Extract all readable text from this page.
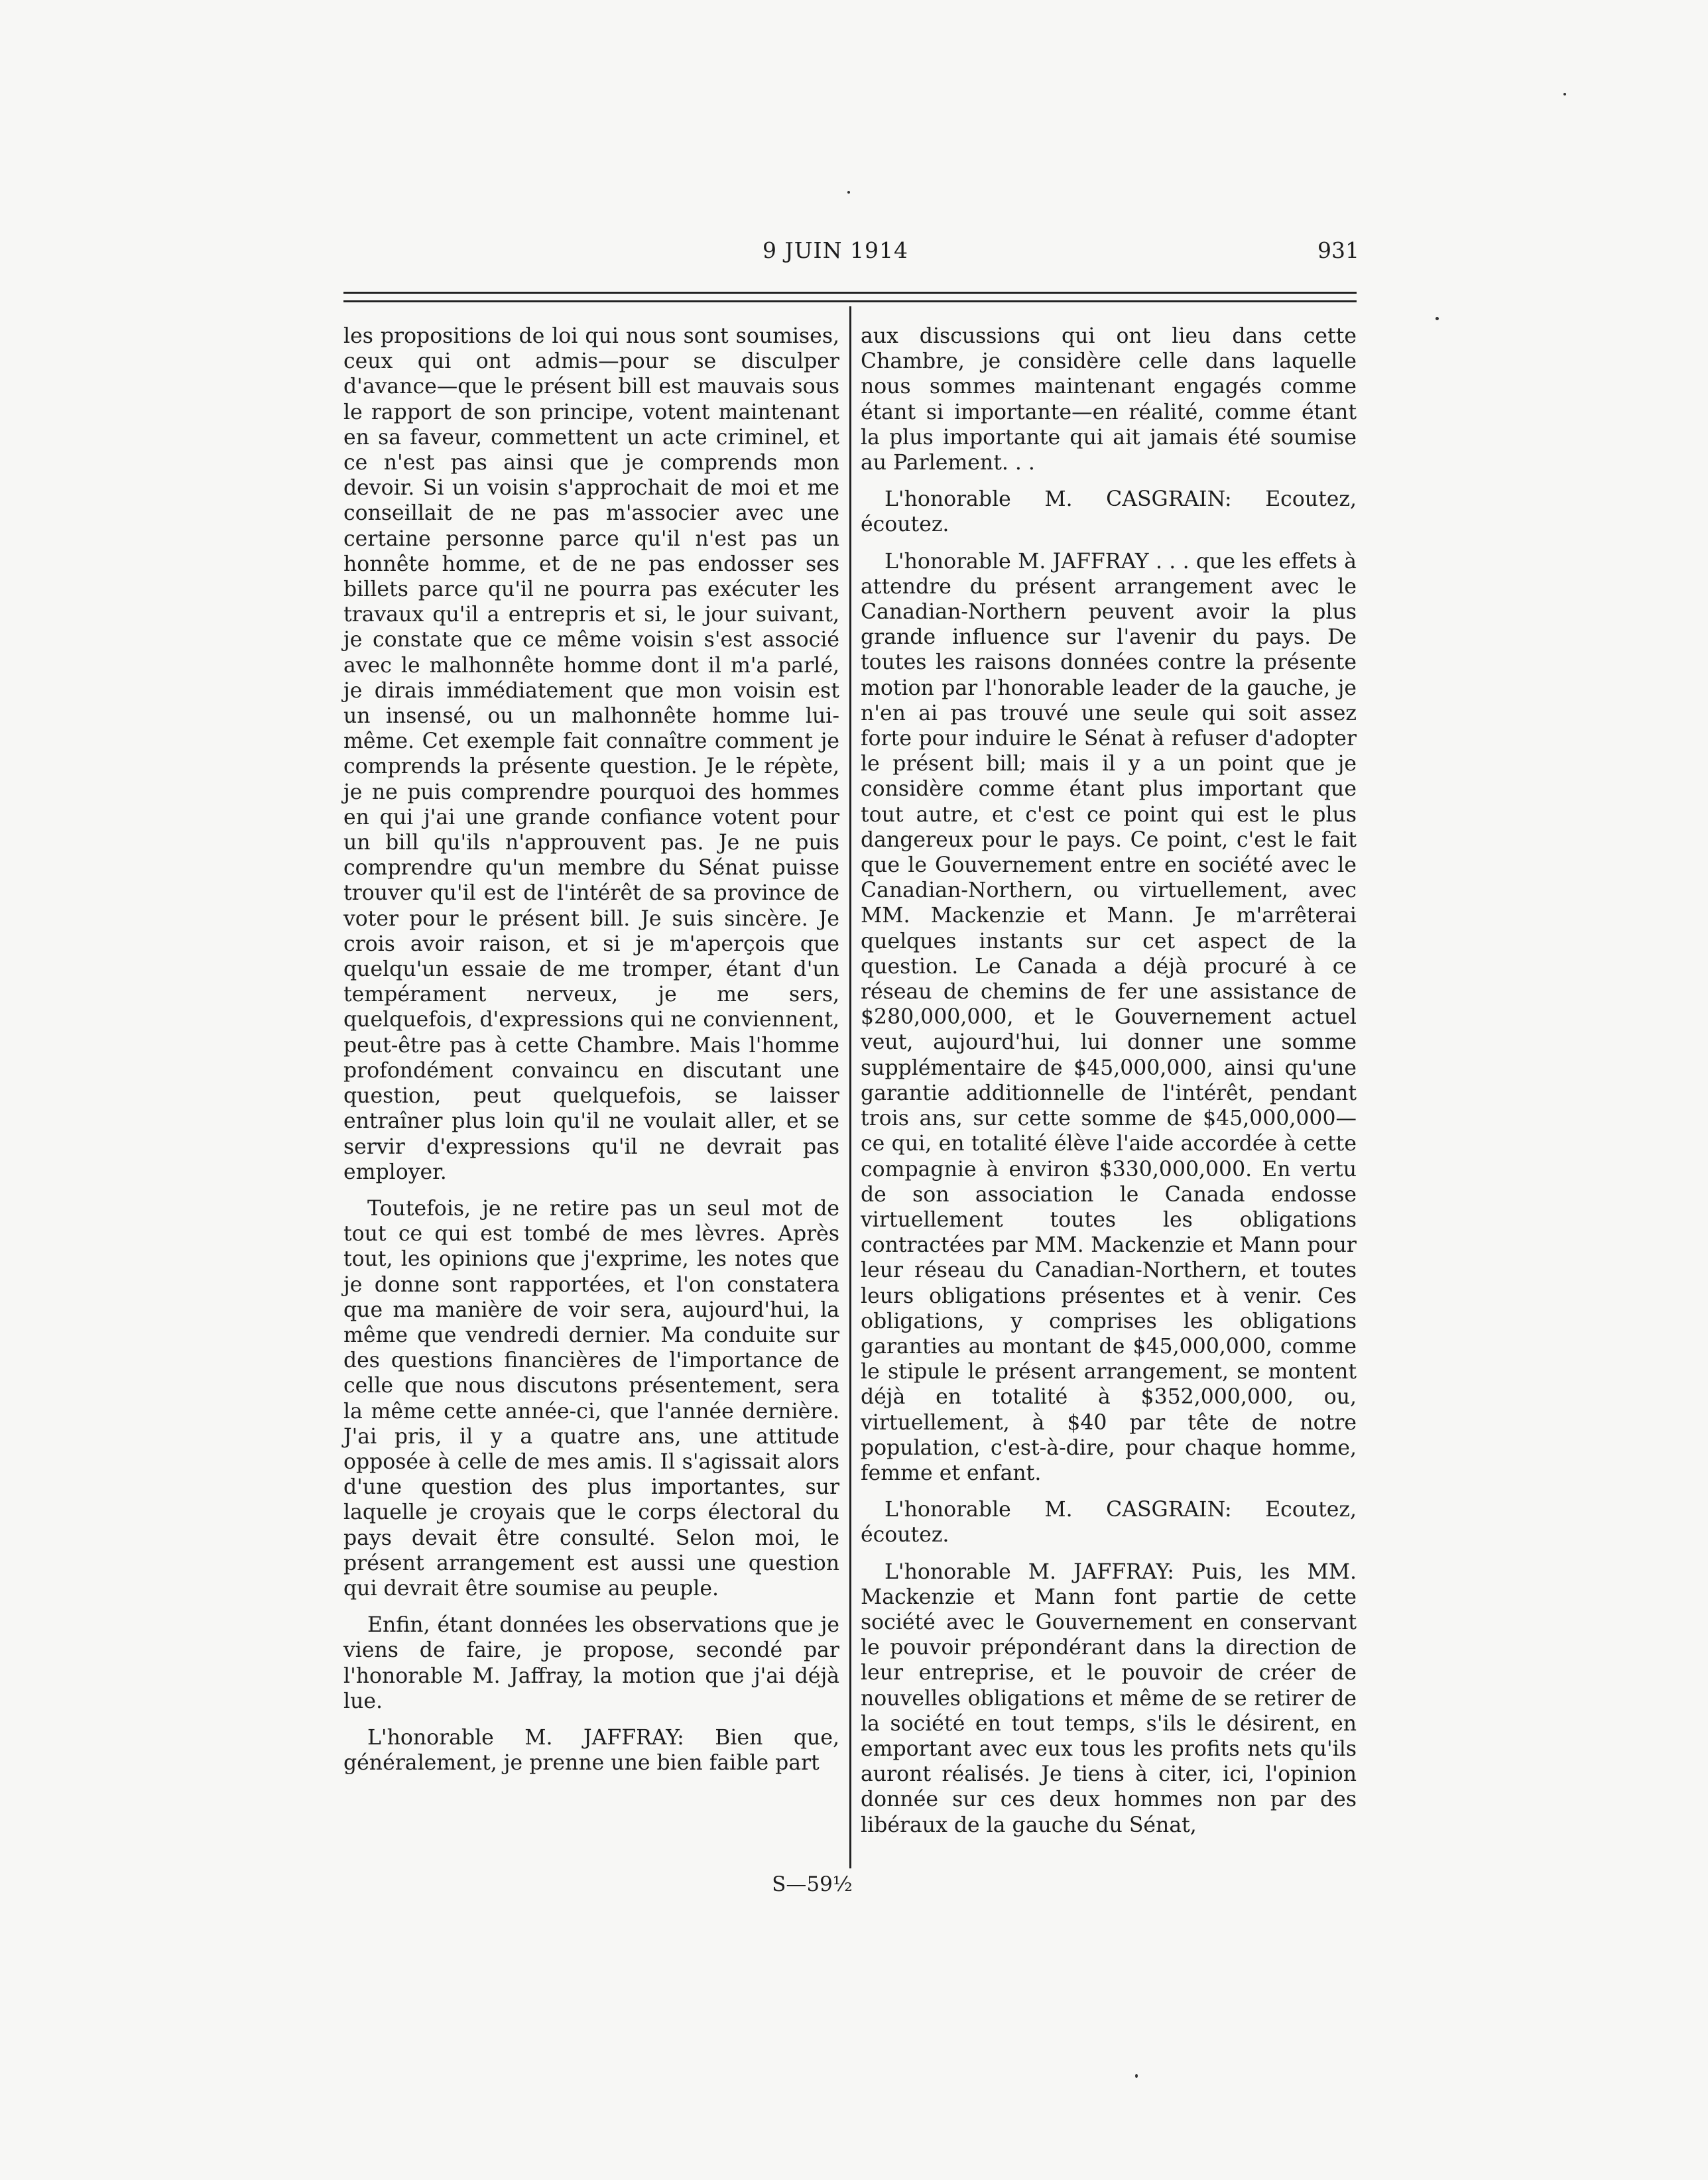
9 JUIN 1914	931

les propositions de loi qui nous sont soumises, ceux qui ont admis—pour se disculper d'avance—que le présent bill est mauvais sous le rapport de son principe, votent maintenant en sa faveur, commettent un acte criminel, et ce n'est pas ainsi que je comprends mon devoir. Si un voisin s'approchait de moi et me conseillait de ne pas m'associer avec une certaine personne parce qu'il n'est pas un honnête homme, et de ne pas endosser ses billets parce qu'il ne pourra pas exécuter les travaux qu'il a entrepris et si, le jour suivant, je constate que ce même voisin s'est associé avec le malhonnête homme dont il m'a parlé, je dirais immédiatement que mon voisin est un insensé, ou un malhonnête homme lui-même. Cet exemple fait connaître comment je comprends la présente question. Je le répète, je ne puis comprendre pourquoi des hommes en qui j'ai une grande confiance votent pour un bill qu'ils n'approuvent pas. Je ne puis comprendre qu'un membre du Sénat puisse trouver qu'il est de l'intérêt de sa province de voter pour le présent bill. Je suis sincère. Je crois avoir raison, et si je m'aperçois que quelqu'un essaie de me tromper, étant d'un tempérament nerveux, je me sers, quelquefois, d'expressions qui ne conviennent, peut-être pas à cette Chambre. Mais l'homme profondément convaincu en discutant une question, peut quelquefois, se laisser entraîner plus loin qu'il ne voulait aller, et se servir d'expressions qu'il ne devrait pas employer.

Toutefois, je ne retire pas un seul mot de tout ce qui est tombé de mes lèvres. Après tout, les opinions que j'exprime, les notes que je donne sont rapportées, et l'on constatera que ma manière de voir sera, aujourd'hui, la même que vendredi dernier. Ma conduite sur des questions financières de l'importance de celle que nous discutons présentement, sera la même cette année-ci, que l'année dernière. J'ai pris, il y a quatre ans, une attitude opposée à celle de mes amis. Il s'agissait alors d'une question des plus importantes, sur laquelle je croyais que le corps électoral du pays devait être consulté. Selon moi, le présent arrangement est aussi une question qui devrait être soumise au peuple.

Enfin, étant données les observations que je viens de faire, je propose, secondé par l'honorable M. Jaffray, la motion que j'ai déjà lue.

L'honorable M. JAFFRAY: Bien que, généralement, je prenne une bien faible part

aux discussions qui ont lieu dans cette Chambre, je considère celle dans laquelle nous sommes maintenant engagés comme étant si importante—en réalité, comme étant la plus importante qui ait jamais été soumise au Parlement. . .

L'honorable M. CASGRAIN: Ecoutez, écoutez.

L'honorable M. JAFFRAY . . . que les effets à attendre du présent arrangement avec le Canadian-Northern peuvent avoir la plus grande influence sur l'avenir du pays. De toutes les raisons données contre la présente motion par l'honorable leader de la gauche, je n'en ai pas trouvé une seule qui soit assez forte pour induire le Sénat à refuser d'adopter le présent bill; mais il y a un point que je considère comme étant plus important que tout autre, et c'est ce point qui est le plus dangereux pour le pays. Ce point, c'est le fait que le Gouvernement entre en société avec le Canadian-Northern, ou virtuellement, avec MM. Mackenzie et Mann. Je m'arrêterai quelques instants sur cet aspect de la question. Le Canada a déjà procuré à ce réseau de chemins de fer une assistance de $280,000,000, et le Gouvernement actuel veut, aujourd'hui, lui donner une somme supplémentaire de $45,000,000, ainsi qu'une garantie additionnelle de l'intérêt, pendant trois ans, sur cette somme de $45,000,000—ce qui, en totalité élève l'aide accordée à cette compagnie à environ $330,000,000. En vertu de son association le Canada endosse virtuellement toutes les obligations contractées par MM. Mackenzie et Mann pour leur réseau du Canadian-Northern, et toutes leurs obligations présentes et à venir. Ces obligations, y comprises les obligations garanties au montant de $45,000,000, comme le stipule le présent arrangement, se montent déjà en totalité à $352,000,000, ou, virtuellement, à $40 par tête de notre population, c'est-à-dire, pour chaque homme, femme et enfant.

L'honorable M. CASGRAIN: Ecoutez, écoutez.

L'honorable M. JAFFRAY: Puis, les MM. Mackenzie et Mann font partie de cette société avec le Gouvernement en conservant le pouvoir prépondérant dans la direction de leur entreprise, et le pouvoir de créer de nouvelles obligations et même de se retirer de la société en tout temps, s'ils le désirent, en emportant avec eux tous les profits nets qu'ils auront réalisés. Je tiens à citer, ici, l'opinion donnée sur ces deux hommes non par des libéraux de la gauche du Sénat,

S—59½
